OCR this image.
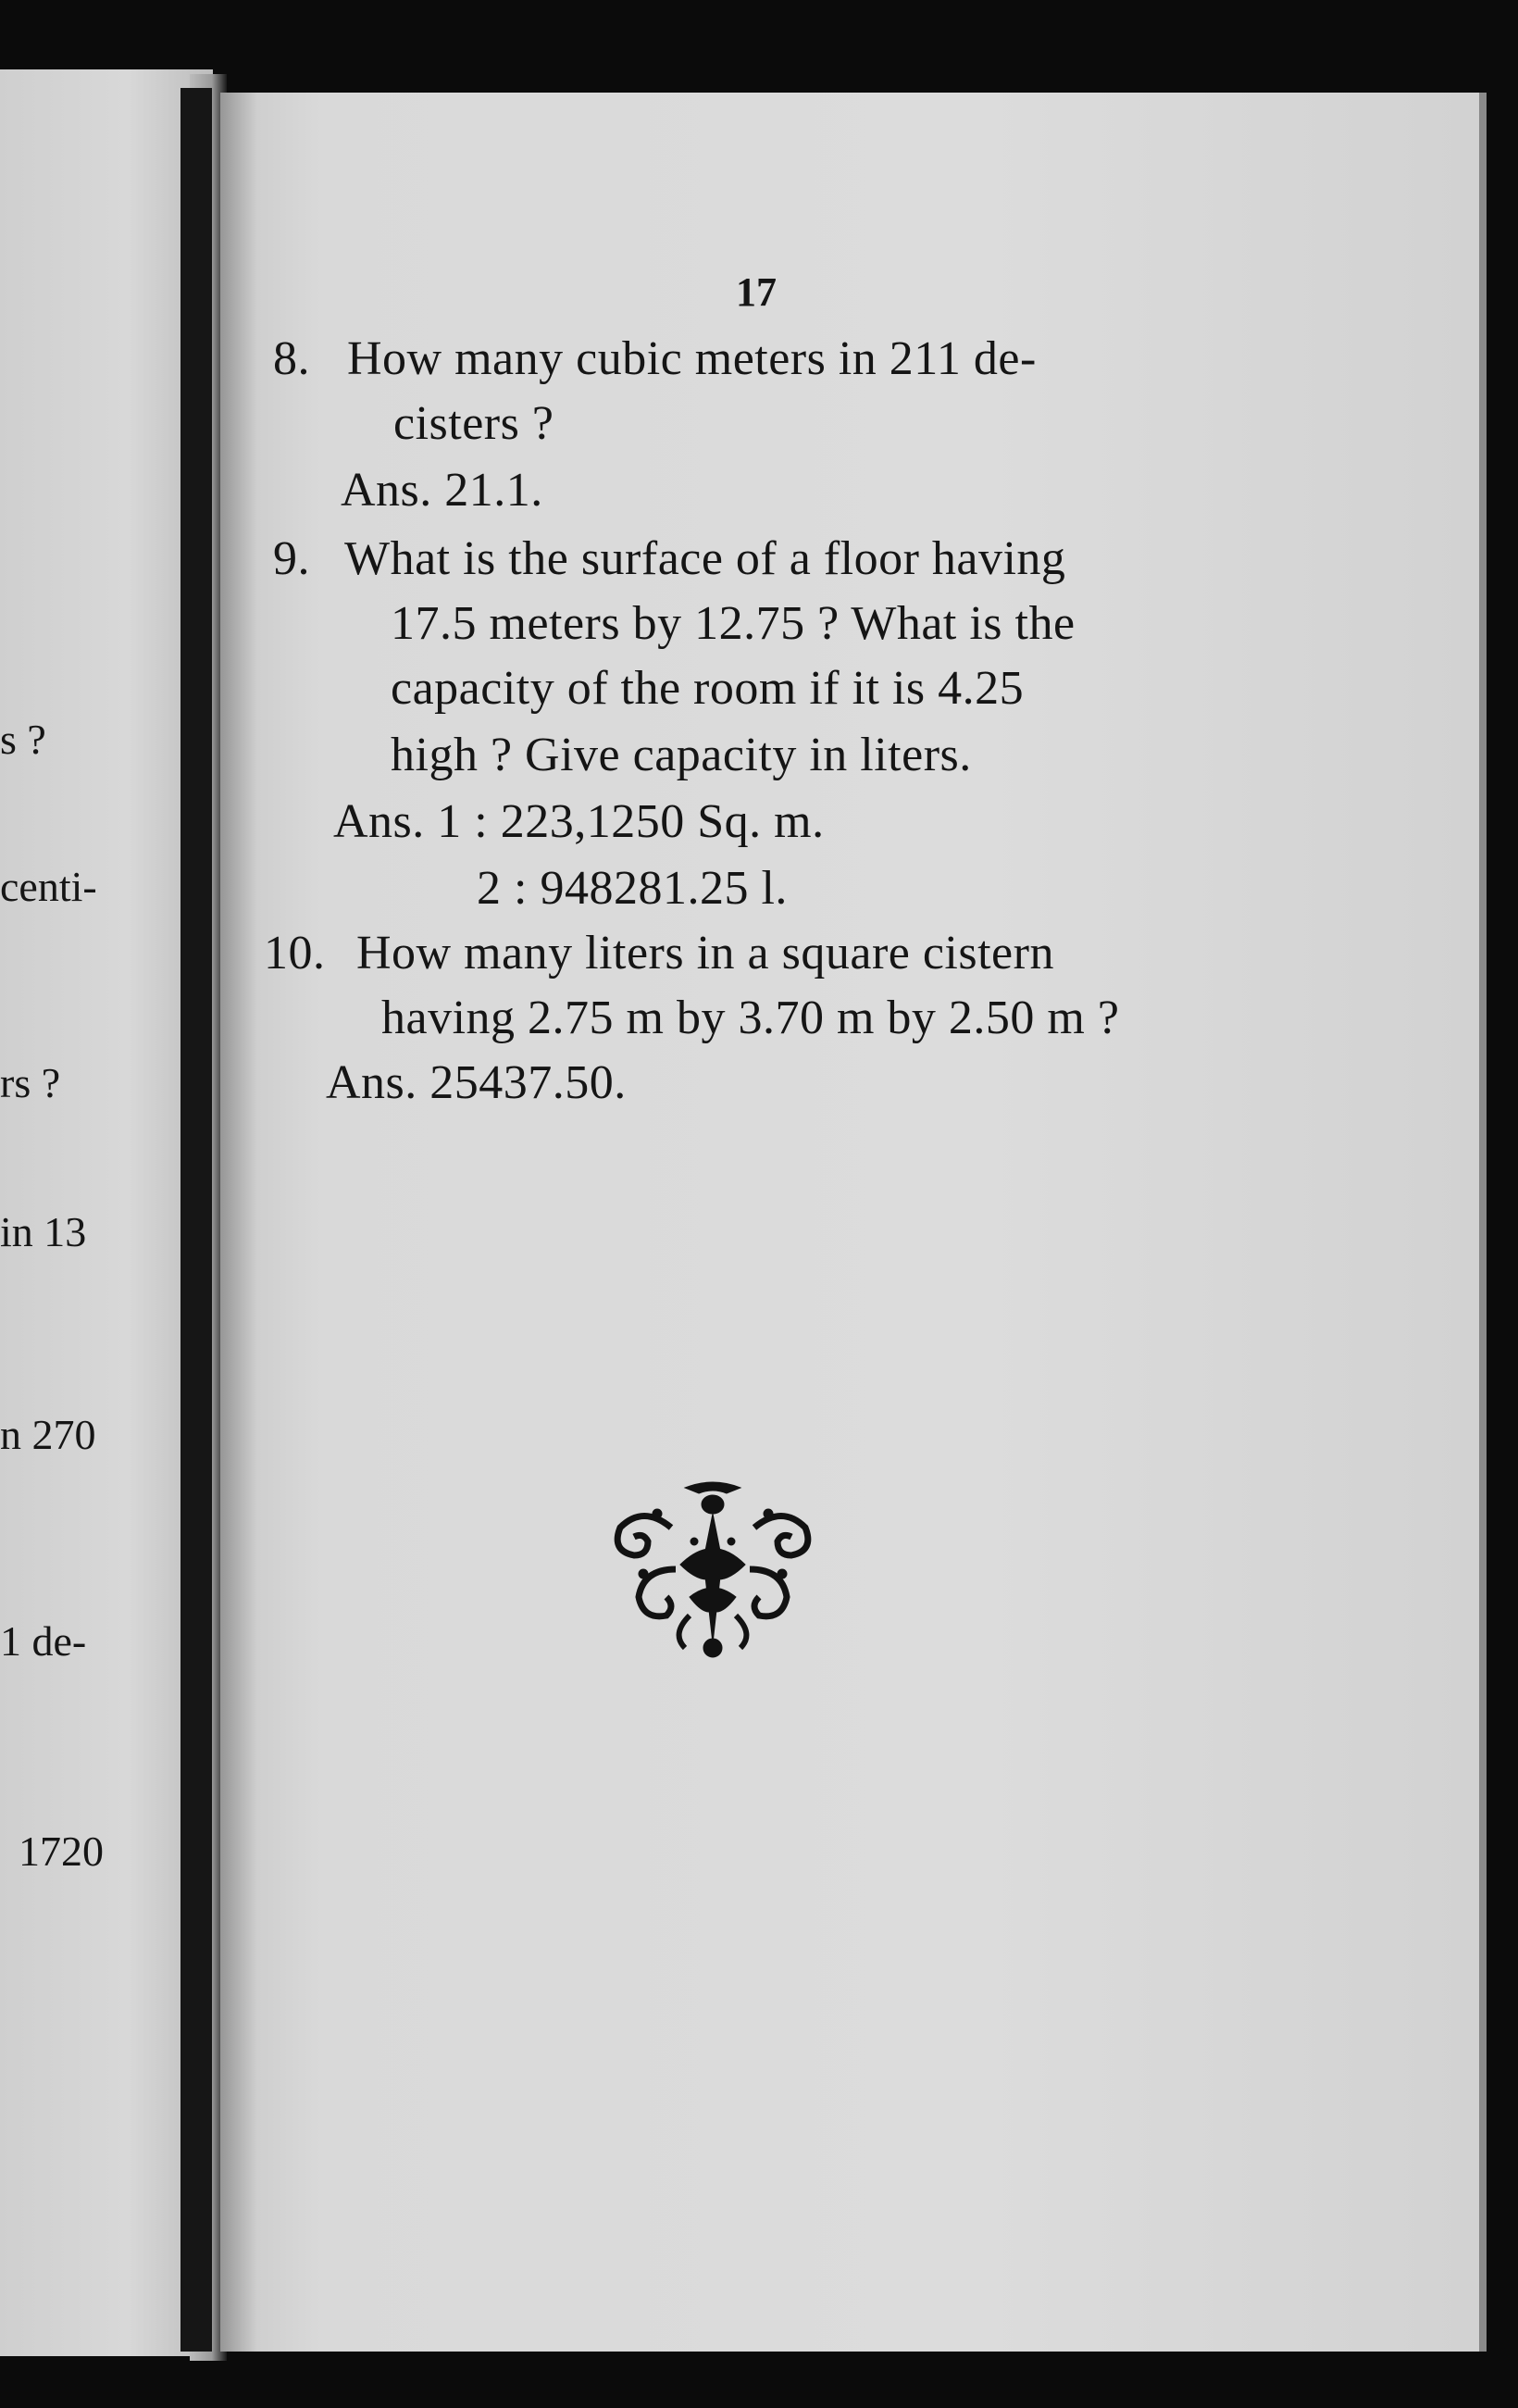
s ?
centi-
rs ?
in 13
n 270
1 de-
1720
17
8. How many cubic meters in 211 de-
cisters ?
Ans. 21.1.
9. What is the surface of a floor having
17.5 meters by 12.75 ? What is the
capacity of the room if it is 4.25
high ? Give capacity in liters.
Ans. 1 : 223,1250 Sq. m.
2 : 948281.25 l.
10. How many liters in a square cistern
having 2.75 m by 3.70 m by 2.50 m ?
Ans. 25437.50.
